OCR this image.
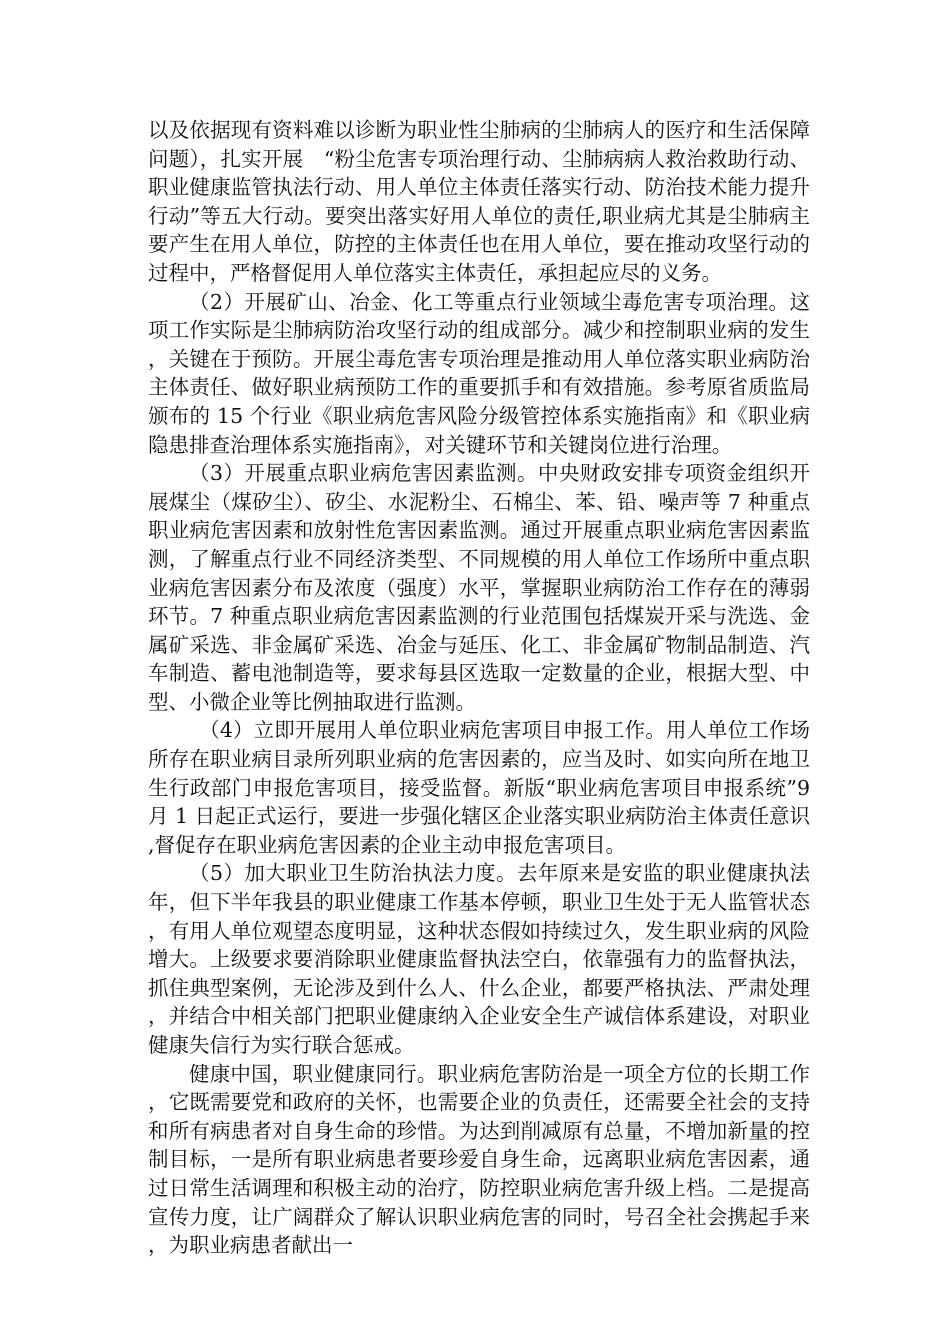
以及依据现有资料难以诊断为职业性尘肺病的尘肺病人的医疗和生活保障问题），扎实开展　“粉尘危害专项治理行动、尘肺病病人救治救助行动、职业健康监管执法行动、用人单位主体责任落实行动、防治技术能力提升行动”等五大行动。要突出落实好用人单位的责任,职业病尤其是尘肺病主要产生在用人单位，防控的主体责任也在用人单位，要在推动攻坚行动的过程中，严格督促用人单位落实主体责任，承担起应尽的义务。

（2）开展矿山、冶金、化工等重点行业领域尘毒危害专项治理。这项工作实际是尘肺病防治攻坚行动的组成部分。减少和控制职业病的发生，关键在于预防。开展尘毒危害专项治理是推动用人单位落实职业病防治主体责任、做好职业病预防工作的重要抓手和有效措施。参考原省质监局颁布的 15 个行业《职业病危害风险分级管控体系实施指南》和《职业病隐患排查治理体系实施指南》，对关键环节和关键岗位进行治理。

（3）开展重点职业病危害因素监测。中央财政安排专项资金组织开展煤尘（煤矽尘）、矽尘、水泥粉尘、石棉尘、苯、铅、噪声等 7 种重点职业病危害因素和放射性危害因素监测。通过开展重点职业病危害因素监测，了解重点行业不同经济类型、不同规模的用人单位工作场所中重点职业病危害因素分布及浓度（强度）水平，掌握职业病防治工作存在的薄弱环节。7 种重点职业病危害因素监测的行业范围包括煤炭开采与洗选、金属矿采选、非金属矿采选、冶金与延压、化工、非金属矿物制品制造、汽车制造、蓄电池制造等，要求每县区选取一定数量的企业，根据大型、中型、小微企业等比例抽取进行监测。

（4）立即开展用人单位职业病危害项目申报工作。用人单位工作场所存在职业病目录所列职业病的危害因素的，应当及时、如实向所在地卫生行政部门申报危害项目，接受监督。新版“职业病危害项目申报系统”9 月 1 日起正式运行，要进一步强化辖区企业落实职业病防治主体责任意识,督促存在职业病危害因素的企业主动申报危害项目。

（5）加大职业卫生防治执法力度。去年原来是安监的职业健康执法年，但下半年我县的职业健康工作基本停顿，职业卫生处于无人监管状态，有用人单位观望态度明显，这种状态假如持续过久，发生职业病的风险增大。上级要求要消除职业健康监督执法空白，依靠强有力的监督执法，抓住典型案例，无论涉及到什么人、什么企业，都要严格执法、严肃处理，并结合中相关部门把职业健康纳入企业安全生产诚信体系建设，对职业健康失信行为实行联合惩戒。

健康中国，职业健康同行。职业病危害防治是一项全方位的长期工作，它既需要党和政府的关怀，也需要企业的负责任，还需要全社会的支持和所有病患者对自身生命的珍惜。为达到削减原有总量，不增加新量的控制目标，一是所有职业病患者要珍爱自身生命，远离职业病危害因素，通过日常生活调理和积极主动的治疗，防控职业病危害升级上档。二是提高宣传力度，让广阔群众了解认识职业病危害的同时，号召全社会携起手来，为职业病患者献出一
